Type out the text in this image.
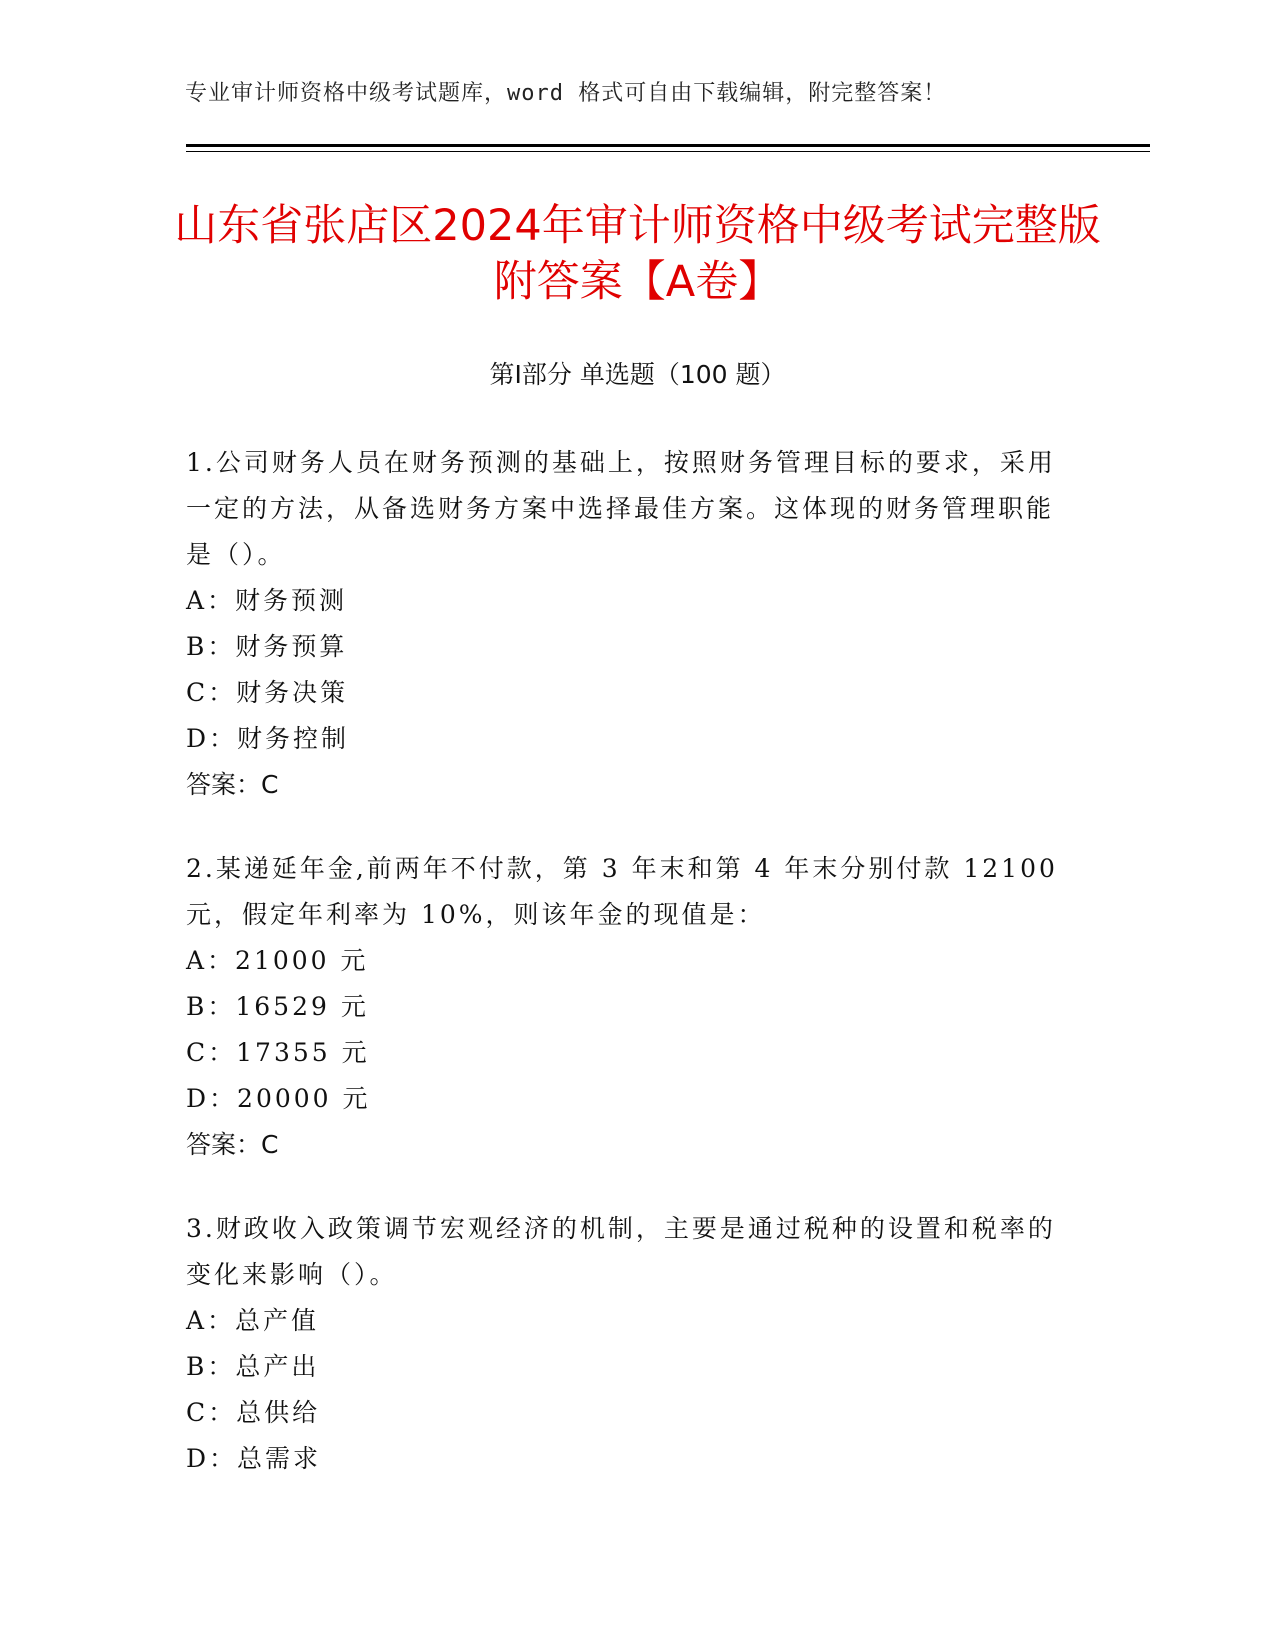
专业审计师资格中级考试题库，word 格式可自由下载编辑，附完整答案！
山东省张店区2024年审计师资格中级考试完整版附答案【A卷】
第Ⅰ部分 单选题（100 题）

1.公司财务人员在财务预测的基础上，按照财务管理目标的要求，采用一定的方法，从备选财务方案中选择最佳方案。这体现的财务管理职能是（）。

A：财务预测

B：财务预算

C：财务决策

D：财务控制

答案：C

2.某递延年金,前两年不付款，第 3 年末和第 4 年末分别付款 12100 元，假定年利率为 10%，则该年金的现值是：

A：21000 元

B：16529 元

C：17355 元

D：20000 元

答案：C

3.财政收入政策调节宏观经济的机制，主要是通过税种的设置和税率的变化来影响（）。

A：总产值

B：总产出

C：总供给

D：总需求
